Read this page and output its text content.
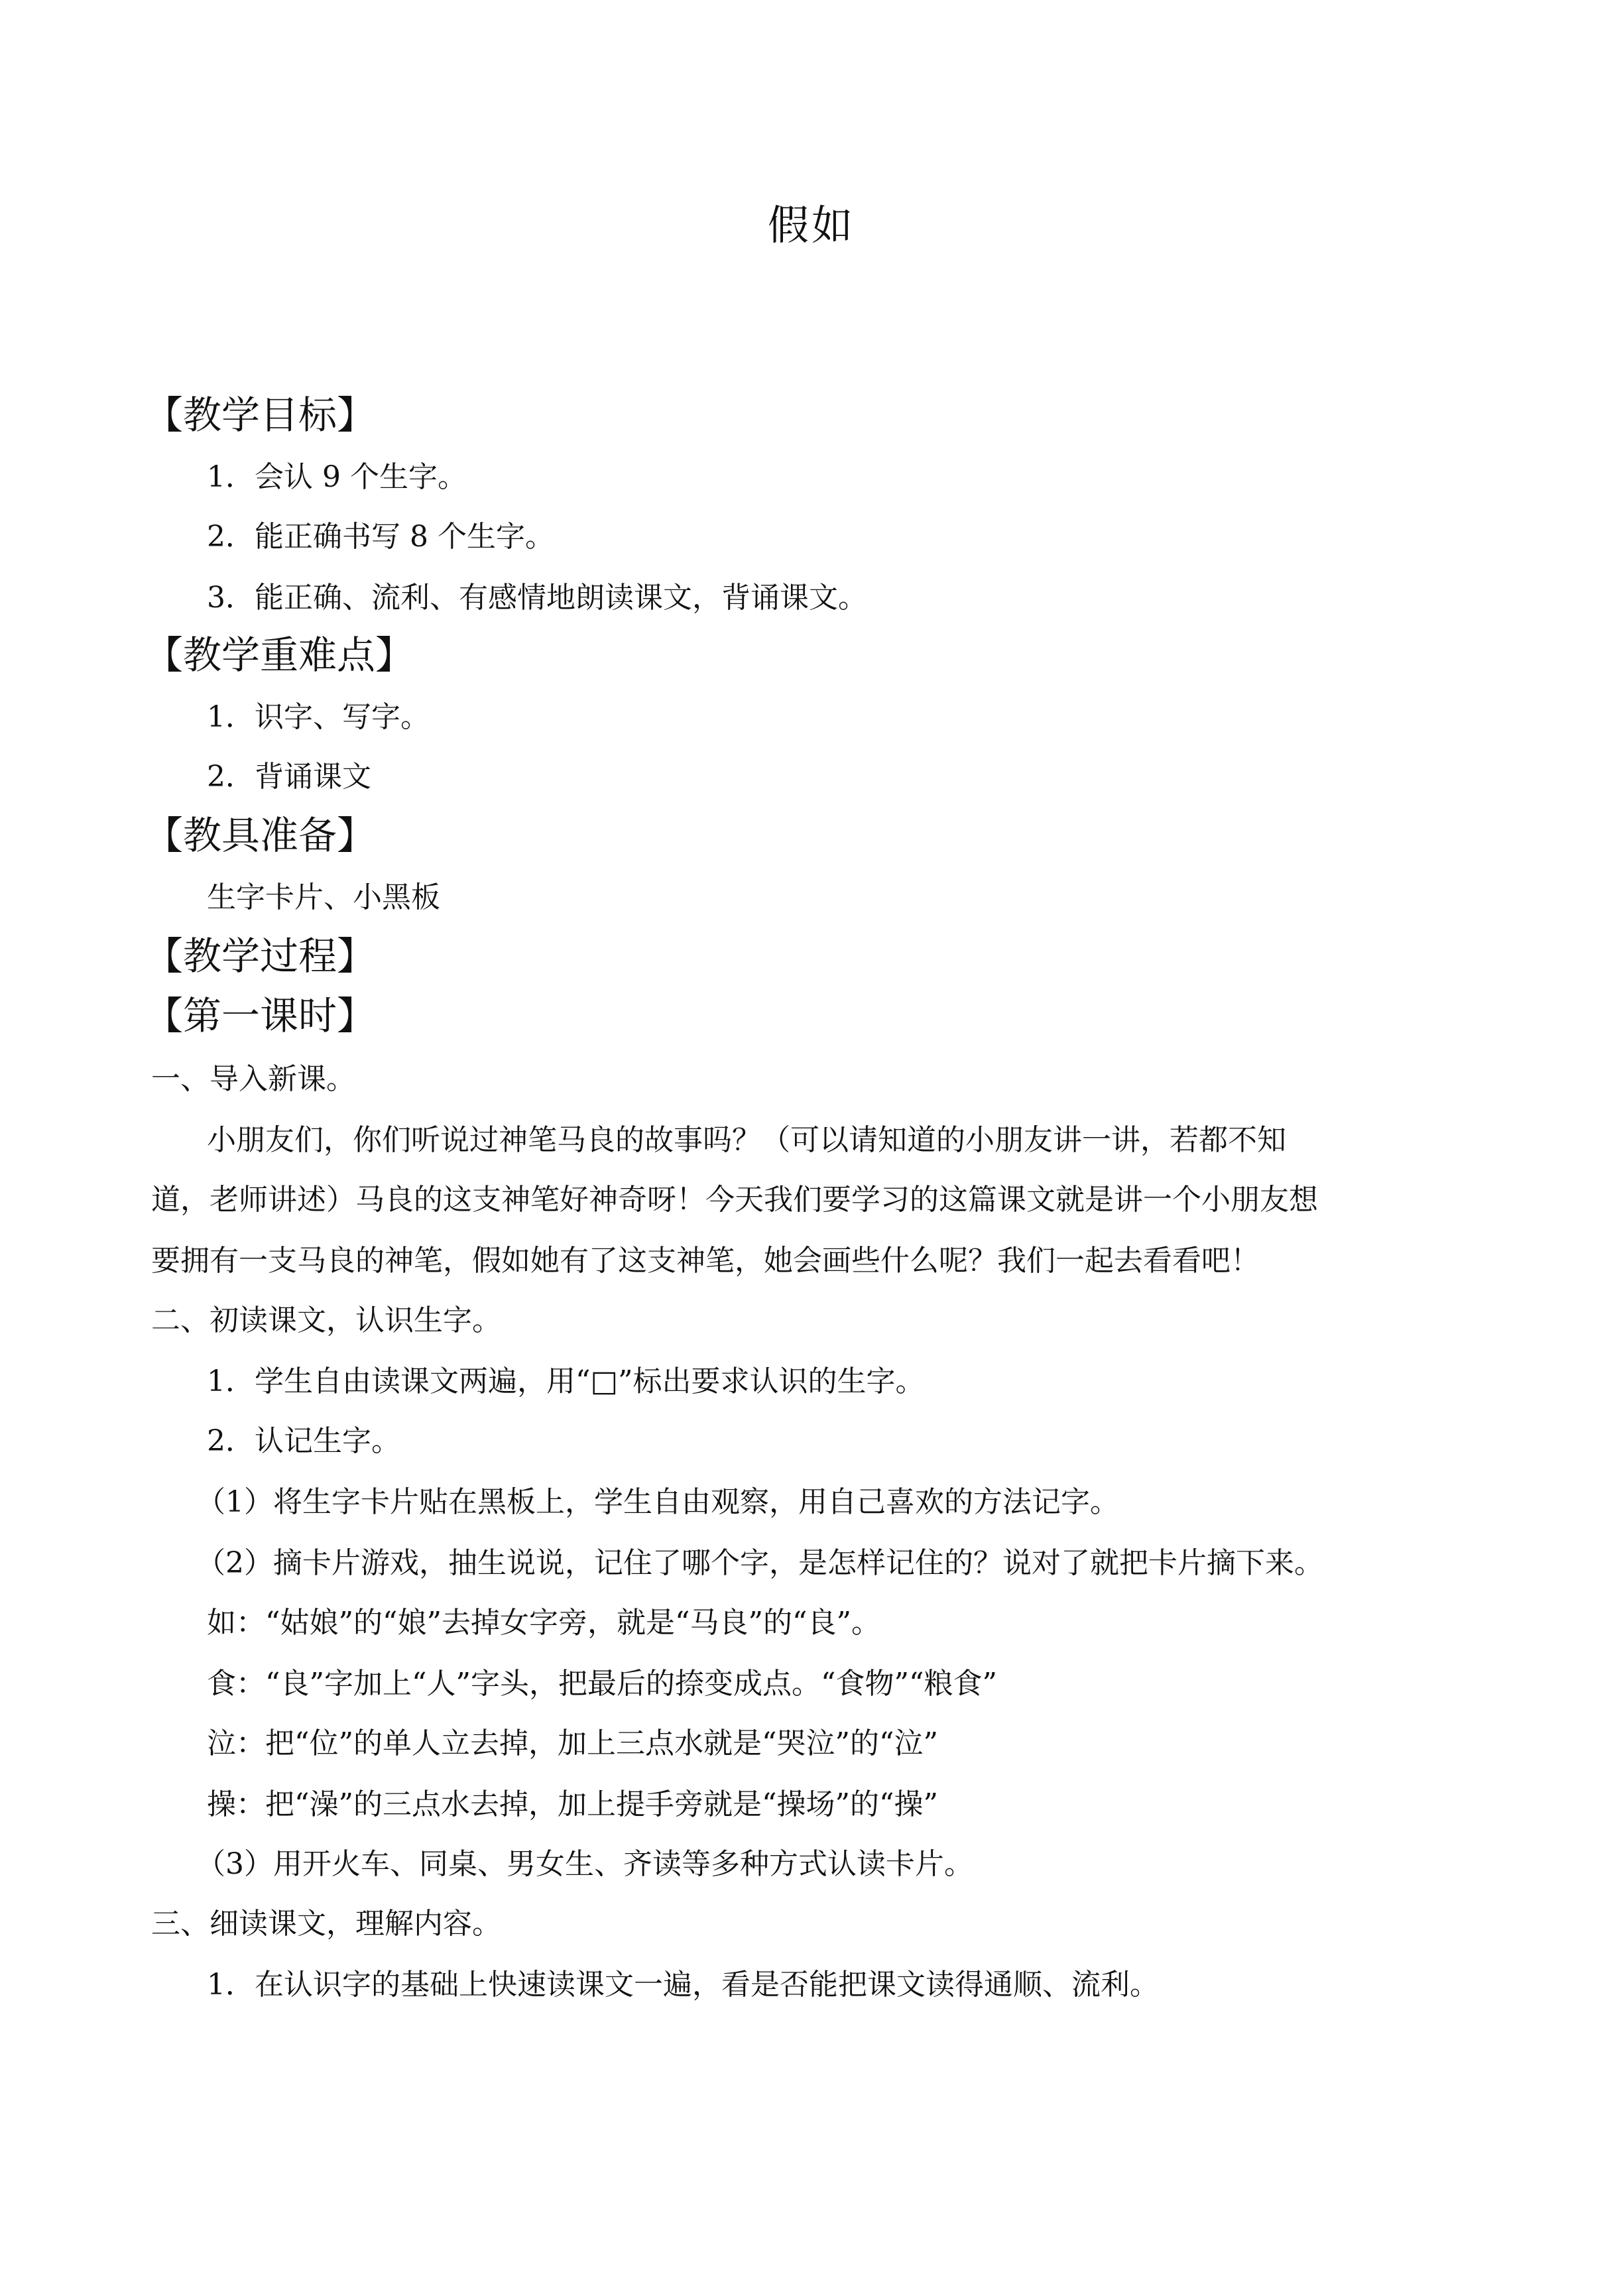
假如
【教学目标】
1．会认 9 个生字。
2．能正确书写 8 个生字。
3．能正确、流利、有感情地朗读课文，背诵课文。
【教学重难点】
1．识字、写字。
2．背诵课文
【教具准备】
生字卡片、小黑板
【教学过程】
【第一课时】
一、导入新课。
小朋友们，你们听说过神笔马良的故事吗？（可以请知道的小朋友讲一讲，若都不知
道，老师讲述）马良的这支神笔好神奇呀！今天我们要学习的这篇课文就是讲一个小朋友想
要拥有一支马良的神笔，假如她有了这支神笔，她会画些什么呢？我们一起去看看吧！
二、初读课文，认识生字。
1．学生自由读课文两遍，用“□”标出要求认识的生字。
2．认记生字。
（1）将生字卡片贴在黑板上，学生自由观察，用自己喜欢的方法记字。
（2）摘卡片游戏，抽生说说，记住了哪个字，是怎样记住的？说对了就把卡片摘下来。
如：“姑娘”的“娘”去掉女字旁，就是“马良”的“良”。
食：“良”字加上“人”字头，把最后的捺变成点。“食物”“粮食”
泣：把“位”的单人立去掉，加上三点水就是“哭泣”的“泣”
操：把“澡”的三点水去掉，加上提手旁就是“操场”的“操”
（3）用开火车、同桌、男女生、齐读等多种方式认读卡片。
三、细读课文，理解内容。
1．在认识字的基础上快速读课文一遍，看是否能把课文读得通顺、流利。
